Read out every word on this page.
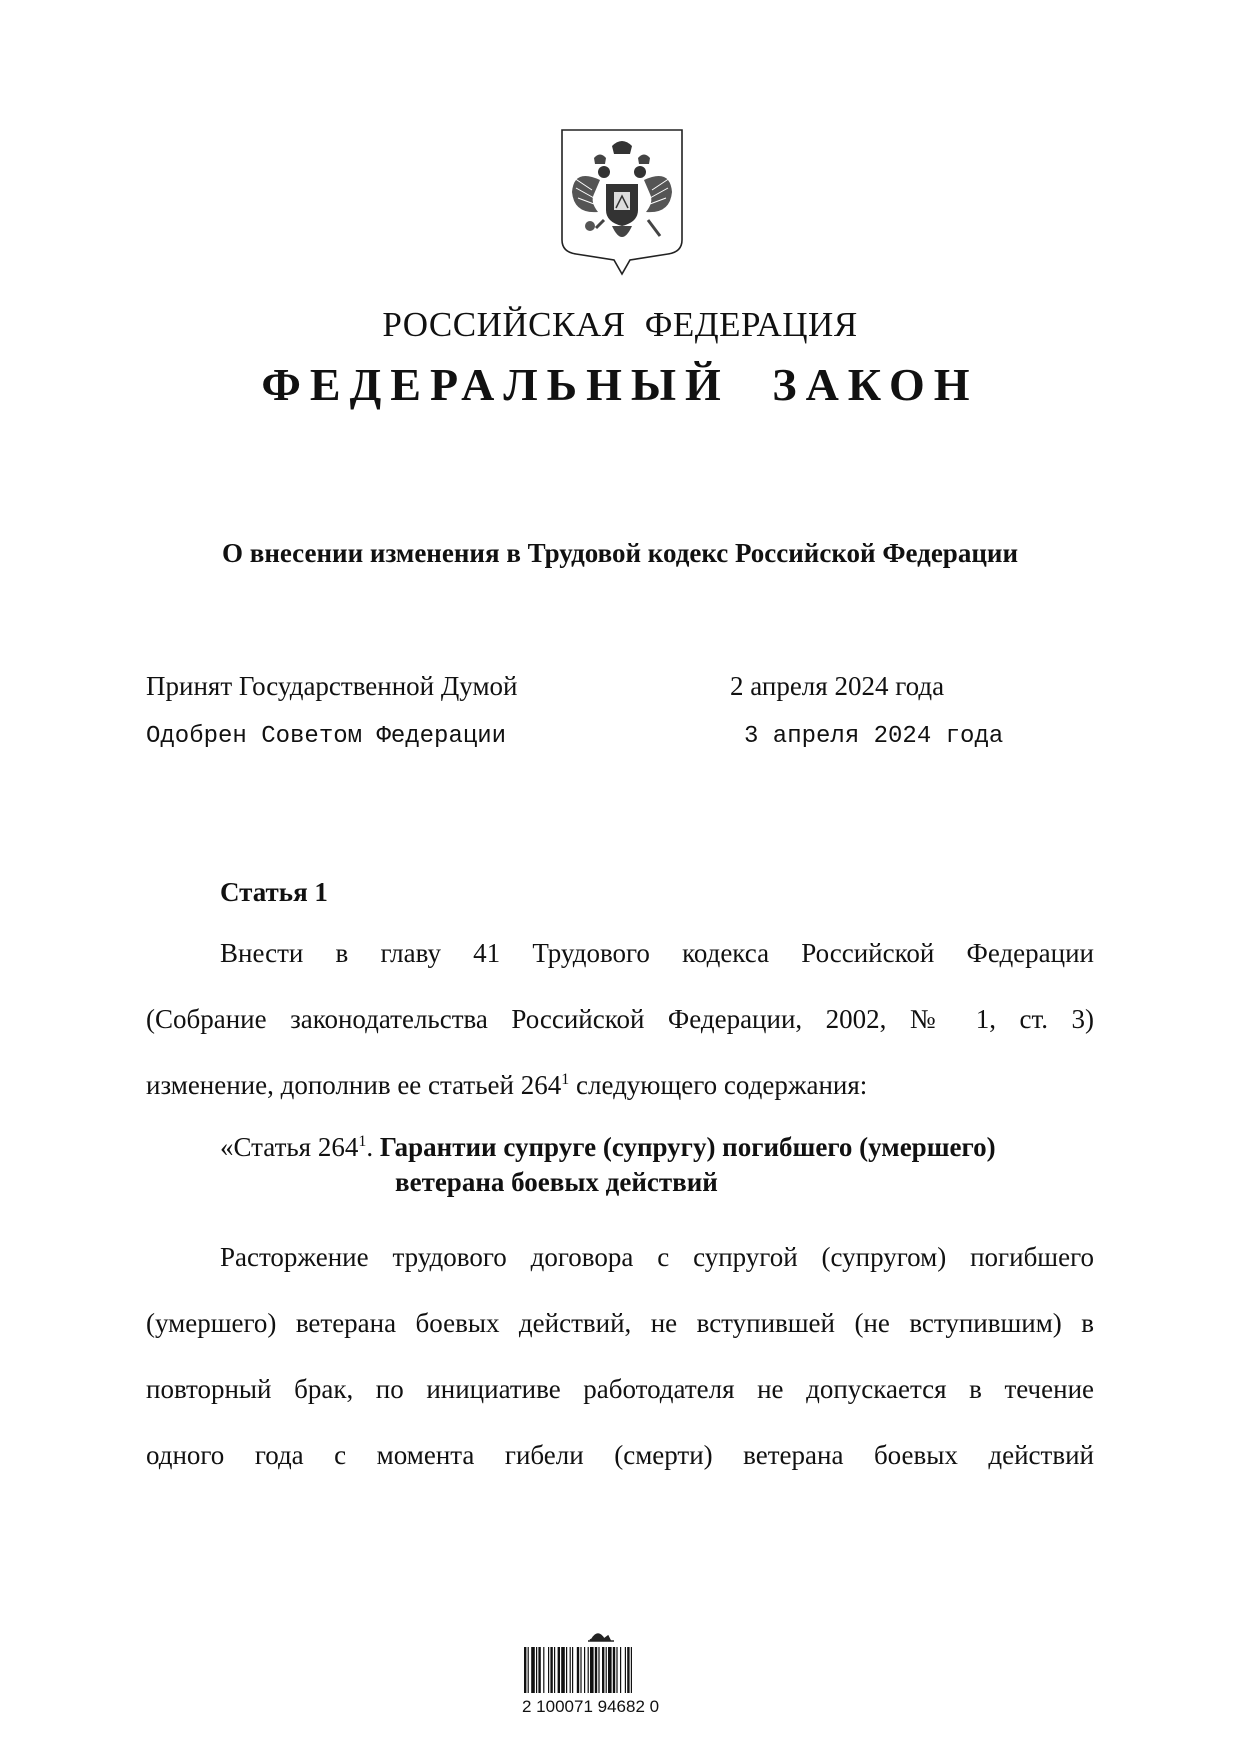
РОССИЙСКАЯ ФЕДЕРАЦИЯ
ФЕДЕРАЛЬНЫЙ ЗАКОН
О внесении изменения в Трудовой кодекс Российской Федерации
Принят Государственной Думой	2 апреля 2024 года
Одобрен Советом Федерации	3 апреля 2024 года
Статья 1
Внести в главу 41 Трудового кодекса Российской Федерации
(Собрание законодательства Российской Федерации, 2002, № 1, ст. 3)
изменение, дополнив ее статьей $264^1$ следующего содержания:
«Статья $264^1$. Гарантии супруге (супругу) погибшего (умершего)
ветерана боевых действий
Расторжение трудового договора с супругой (супругом) погибшего
(умершего) ветерана боевых действий, не вступившей (не вступившим) в
повторный брак, по инициативе работодателя не допускается в течение
одного года с момента гибели (смерти) ветерана боевых действий
2 100071 94682 0
